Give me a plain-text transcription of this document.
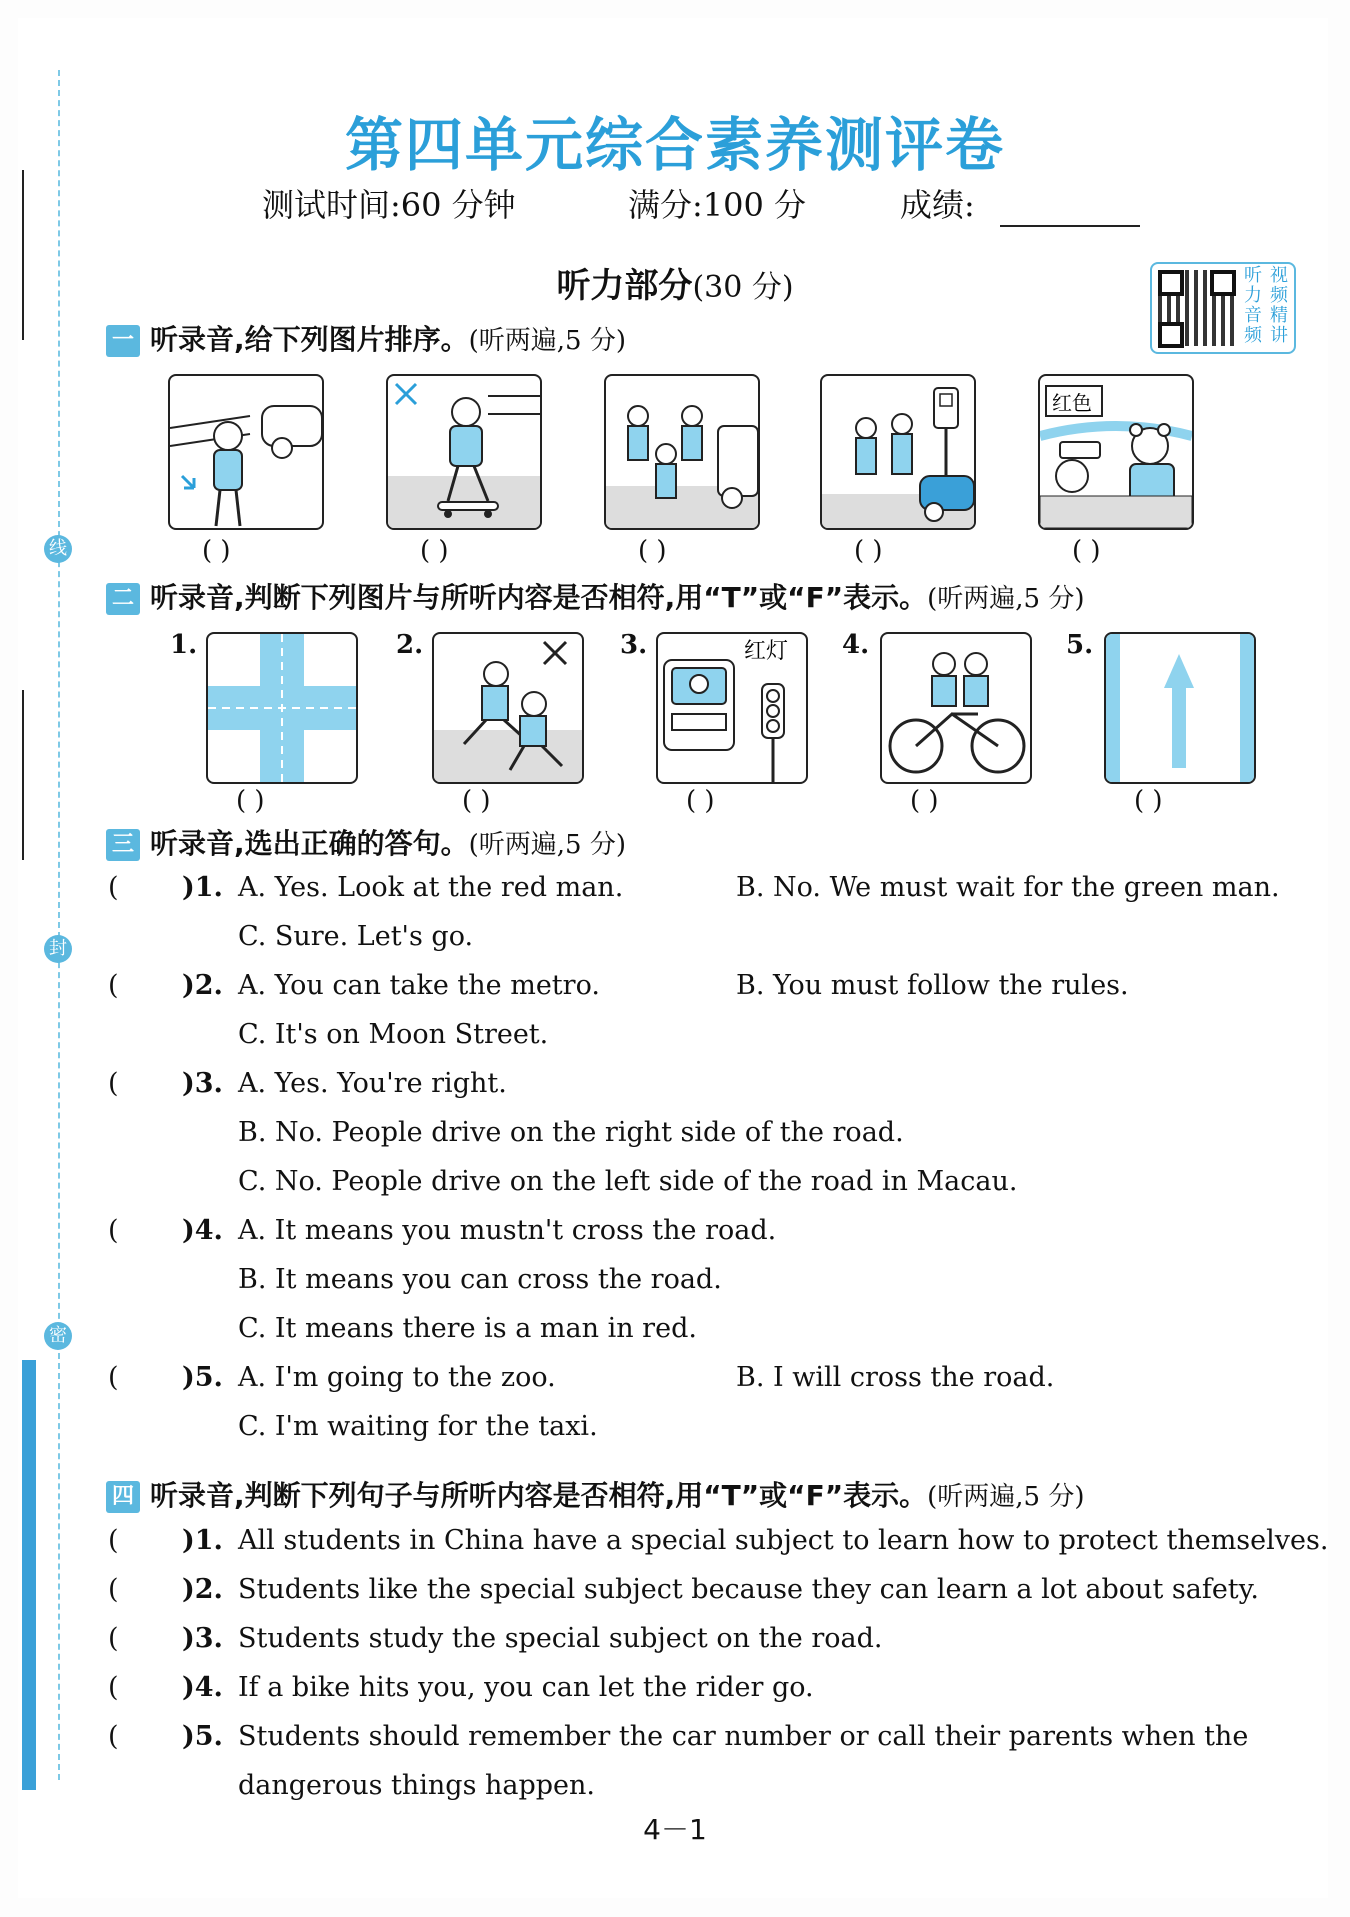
线
封
密
第四单元综合素养测评卷
测试时间:60 分钟	满分:100 分	成绩:
听力部分(30 分)	听 视
力 频
音 精
频 讲
一 听录音,给下列图片排序。(听两遍,5 分)
红色
( )	( )	( )	( )	( )
二 听录音,判断下列图片与所听内容是否相符,用“T”或“F”表示。(听两遍,5 分)
1.	2.	3.	红灯 4.	5.
( )	( )	( )	( )	( )
三 听录音,选出正确的答句。(听两遍,5 分)
( )1. A. Yes. Look at the red man.	B. No. We must wait for the green man.
C. Sure. Let's go.
( )2. A. You can take the metro.	B. You must follow the rules.
C. It's on Moon Street.
( )3. A. Yes. You're right.
B. No. People drive on the right side of the road.
C. No. People drive on the left side of the road in Macau.
( )4. A. It means you mustn't cross the road.
B. It means you can cross the road.
C. It means there is a man in red.
( )5. A. I'm going to the zoo.	B. I will cross the road.
C. I'm waiting for the taxi.
四 听录音,判断下列句子与所听内容是否相符,用“T”或“F”表示。(听两遍,5 分)
( )1. All students in China have a special subject to learn how to protect themselves.
( )2. Students like the special subject because they can learn a lot about safety.
( )3. Students study the special subject on the road.
( )4. If a bike hits you, you can let the rider go.
( )5. Students should remember the car number or call their parents when the
dangerous things happen.
4－1
